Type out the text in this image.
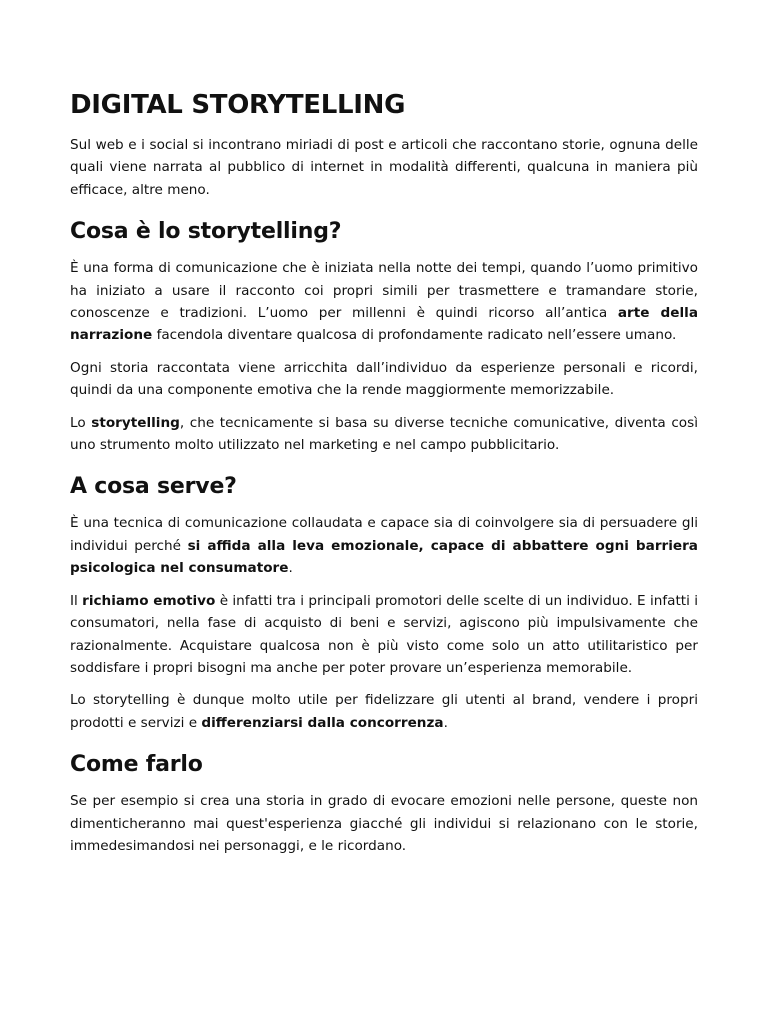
DIGITAL STORYTELLING

Sul web e i social si incontrano miriadi di post e articoli che raccontano storie, ognuna delle quali viene narrata al pubblico di internet in modalità differenti, qualcuna in maniera più efficace, altre meno.

Cosa è lo storytelling?

È una forma di comunicazione che è iniziata nella notte dei tempi, quando l’uomo primitivo ha iniziato a usare il racconto coi propri simili per trasmettere e tramandare storie, conoscenze e tradizioni. L’uomo per millenni è quindi ricorso all’antica arte della narrazione facendola diventare qualcosa di profondamente radicato nell’essere umano.

Ogni storia raccontata viene arricchita dall’individuo da esperienze personali e ricordi, quindi da una componente emotiva che la rende maggiormente memorizzabile.

Lo storytelling, che tecnicamente si basa su diverse tecniche comunicative, diventa così uno strumento molto utilizzato nel marketing e nel campo pubblicitario.

A cosa serve?

È una tecnica di comunicazione collaudata e capace sia di coinvolgere sia di persuadere gli individui perché si affida alla leva emozionale, capace di abbattere ogni barriera psicologica nel consumatore.

Il richiamo emotivo è infatti tra i principali promotori delle scelte di un individuo. E infatti i consumatori, nella fase di acquisto di beni e servizi, agiscono più impulsivamente che razionalmente. Acquistare qualcosa non è più visto come solo un atto utilitaristico per soddisfare i propri bisogni ma anche per poter provare un’esperienza memorabile.

Lo storytelling è dunque molto utile per fidelizzare gli utenti al brand, vendere i propri prodotti e servizi e differenziarsi dalla concorrenza.

Come farlo

Se per esempio si crea una storia in grado di evocare emozioni nelle persone, queste non dimenticheranno mai quest'esperienza giacché gli individui si relazionano con le storie, immedesimandosi nei personaggi, e le ricordano.
